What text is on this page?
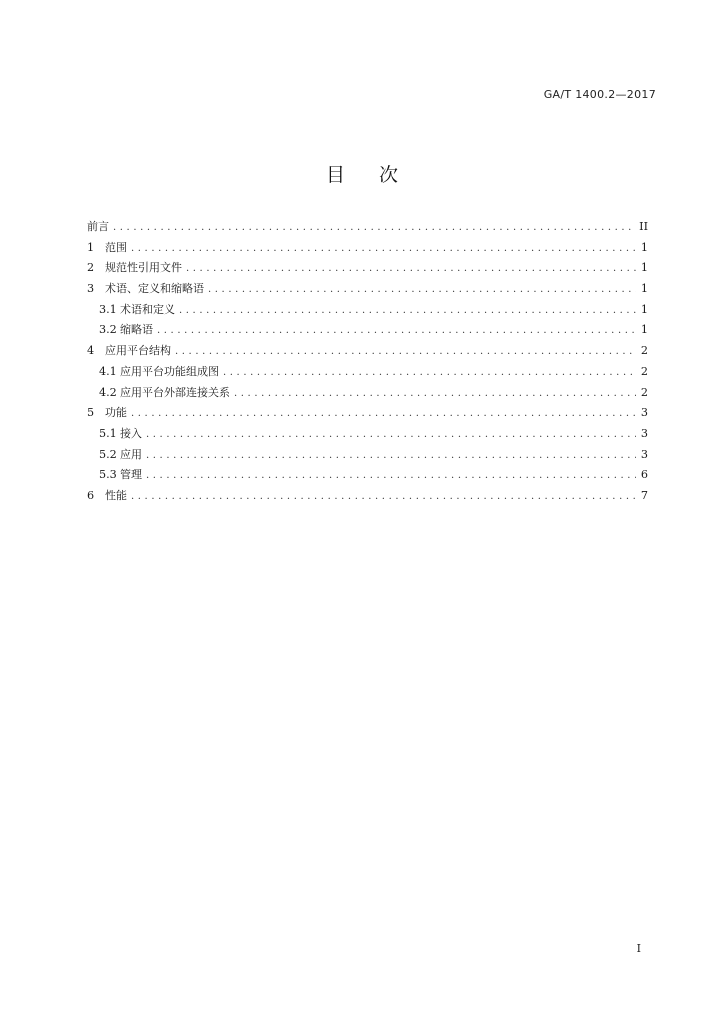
GA/T 1400.2—2017
目次
前言 .....	II
1 范围 .....	1
2 规范性引用文件 .....	1
3 术语、定义和缩略语 .....	1
3.1 术语和定义 .....	1
3.2 缩略语 .....	1
4 应用平台结构 .....	2
4.1 应用平台功能组成图 .....	2
4.2 应用平台外部连接关系 .....	2
5 功能 .....	3
5.1 接入 .....	3
5.2 应用 .....	3
5.3 管理 .....	6
6 性能 .....	7
I
